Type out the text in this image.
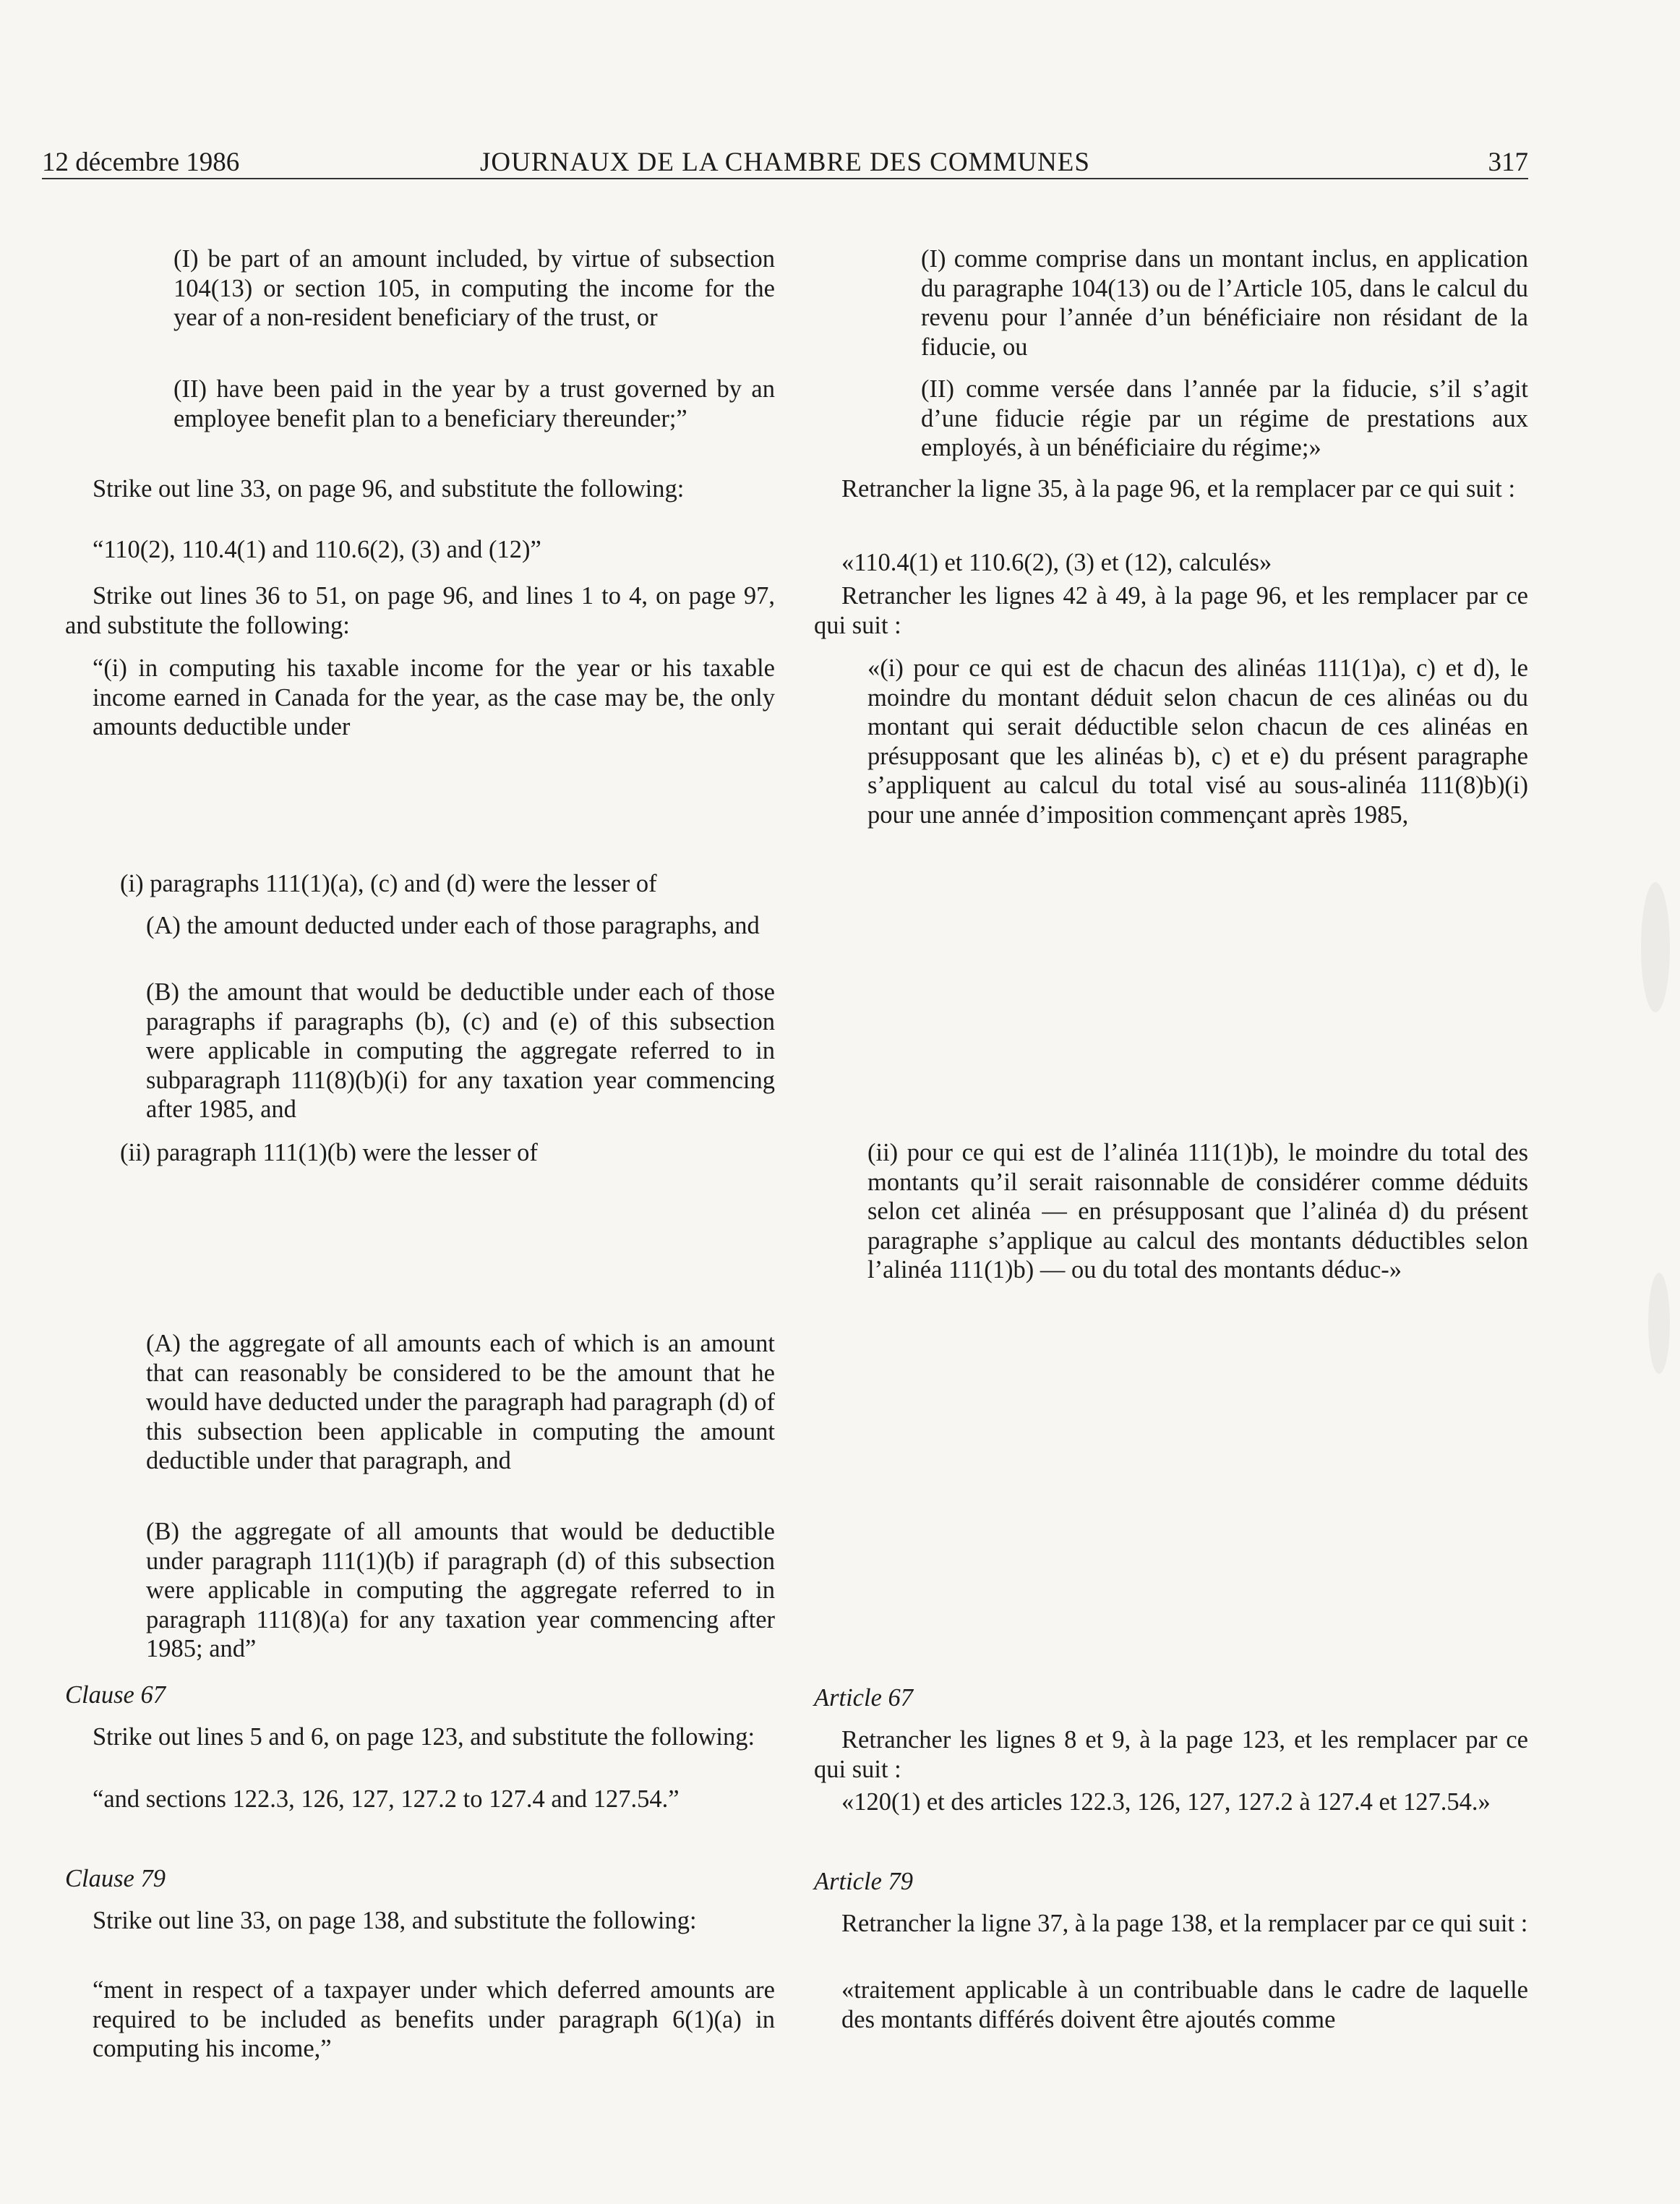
12 décembre 1986	JOURNAUX DE LA CHAMBRE DES COMMUNES	317
(I) be part of an amount included, by virtue of subsection 104(13) or section 105, in computing the income for the year of a non-resident beneficiary of the trust, or
(II) have been paid in the year by a trust governed by an employee benefit plan to a beneficiary thereunder;”
Strike out line 33, on page 96, and substitute the following:
“110(2), 110.4(1) and 110.6(2), (3) and (12)”
Strike out lines 36 to 51, on page 96, and lines 1 to 4, on page 97, and substitute the following:
“(i) in computing his taxable income for the year or his taxable income earned in Canada for the year, as the case may be, the only amounts deductible under
(i) paragraphs 111(1)(a), (c) and (d) were the lesser of
(A) the amount deducted under each of those paragraphs, and
(B) the amount that would be deductible under each of those paragraphs if paragraphs (b), (c) and (e) of this subsection were applicable in computing the aggregate referred to in subparagraph 111(8)(b)(i) for any taxation year commencing after 1985, and
(ii) paragraph 111(1)(b) were the lesser of
(A) the aggregate of all amounts each of which is an amount that can reasonably be considered to be the amount that he would have deducted under the paragraph had paragraph (d) of this subsection been applicable in computing the amount deductible under that paragraph, and
(B) the aggregate of all amounts that would be deductible under paragraph 111(1)(b) if paragraph (d) of this subsection were applicable in computing the aggregate referred to in paragraph 111(8)(a) for any taxation year commencing after 1985; and”
Clause 67
Strike out lines 5 and 6, on page 123, and substitute the following:
“and sections 122.3, 126, 127, 127.2 to 127.4 and 127.54.”
Clause 79
Strike out line 33, on page 138, and substitute the following:
“ment in respect of a taxpayer under which deferred amounts are required to be included as benefits under paragraph 6(1)(a) in computing his income,”
(I) comme comprise dans un montant inclus, en application du paragraphe 104(13) ou de l’Article 105, dans le calcul du revenu pour l’année d’un bénéficiaire non résidant de la fiducie, ou
(II) comme versée dans l’année par la fiducie, s’il s’agit d’une fiducie régie par un régime de prestations aux employés, à un bénéficiaire du régime;»
Retrancher la ligne 35, à la page 96, et la remplacer par ce qui suit :
«110.4(1) et 110.6(2), (3) et (12), calculés»
Retrancher les lignes 42 à 49, à la page 96, et les remplacer par ce qui suit :
«(i) pour ce qui est de chacun des alinéas 111(1)a), c) et d), le moindre du montant déduit selon chacun de ces alinéas ou du montant qui serait déductible selon chacun de ces alinéas en présupposant que les alinéas b), c) et e) du présent paragraphe s’appliquent au calcul du total visé au sous-alinéa 111(8)b)(i) pour une année d’imposition commençant après 1985,
(ii) pour ce qui est de l’alinéa 111(1)b), le moindre du total des montants qu’il serait raisonnable de considérer comme déduits selon cet alinéa — en présupposant que l’alinéa d) du présent paragraphe s’applique au calcul des montants déductibles selon l’alinéa 111(1)b) — ou du total des montants déduc-»
Article 67
Retrancher les lignes 8 et 9, à la page 123, et les remplacer par ce qui suit :
«120(1) et des articles 122.3, 126, 127, 127.2 à 127.4 et 127.54.»
Article 79
Retrancher la ligne 37, à la page 138, et la remplacer par ce qui suit :
«traitement applicable à un contribuable dans le cadre de laquelle des montants différés doivent être ajoutés comme
